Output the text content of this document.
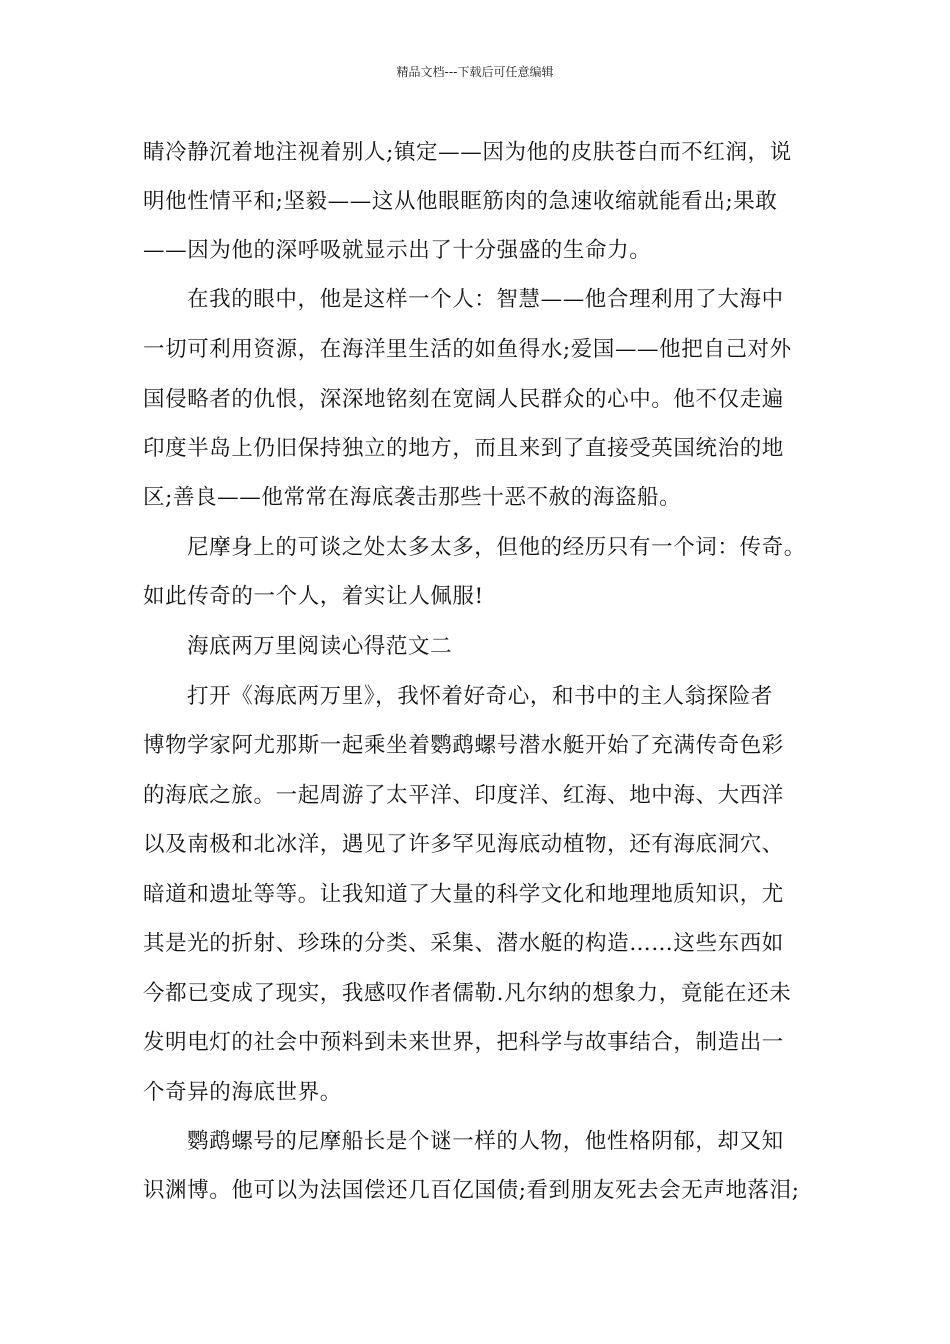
精品文档---下载后可任意编辑
睛冷静沉着地注视着别人;镇定——因为他的皮肤苍白而不红润，说
明他性情平和;坚毅——这从他眼眶筋肉的急速收缩就能看出;果敢
——因为他的深呼吸就显示出了十分强盛的生命力。
在我的眼中，他是这样一个人：智慧——他合理利用了大海中
一切可利用资源，在海洋里生活的如鱼得水;爱国——他把自己对外
国侵略者的仇恨，深深地铭刻在宽阔人民群众的心中。他不仅走遍
印度半岛上仍旧保持独立的地方，而且来到了直接受英国统治的地
区;善良——他常常在海底袭击那些十恶不赦的海盗船。
尼摩身上的可谈之处太多太多，但他的经历只有一个词：传奇。
如此传奇的一个人，着实让人佩服!
海底两万里阅读心得范文二
打开《海底两万里》，我怀着好奇心，和书中的主人翁探险者
博物学家阿尤那斯一起乘坐着鹦鹉螺号潜水艇开始了充满传奇色彩
的海底之旅。一起周游了太平洋、印度洋、红海、地中海、大西洋
以及南极和北冰洋，遇见了许多罕见海底动植物，还有海底洞穴、
暗道和遗址等等。让我知道了大量的科学文化和地理地质知识，尤
其是光的折射、珍珠的分类、采集、潜水艇的构造……这些东西如
今都已变成了现实，我感叹作者儒勒.凡尔纳的想象力，竟能在还未
发明电灯的社会中预料到未来世界，把科学与故事结合，制造出一
个奇异的海底世界。
鹦鹉螺号的尼摩船长是个谜一样的人物，他性格阴郁，却又知
识渊博。他可以为法国偿还几百亿国债;看到朋友死去会无声地落泪;
